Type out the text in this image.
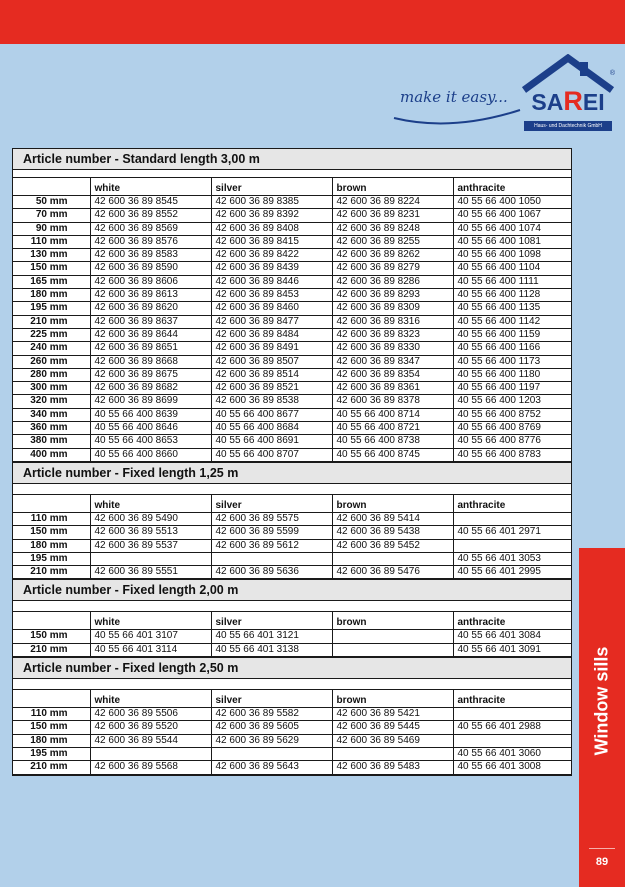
make it easy...
®
SAREI
Haus- und Dachtechnik GmbH
Article number - Standard length 3,00 m
	white	silver	brown	anthracite
50 mm	42 600 36 89 8545	42 600 36 89 8385	42 600 36 89 8224	40 55 66 400 1050
70 mm	42 600 36 89 8552	42 600 36 89 8392	42 600 36 89 8231	40 55 66 400 1067
90 mm	42 600 36 89 8569	42 600 36 89 8408	42 600 36 89 8248	40 55 66 400 1074
110 mm	42 600 36 89 8576	42 600 36 89 8415	42 600 36 89 8255	40 55 66 400 1081
130 mm	42 600 36 89 8583	42 600 36 89 8422	42 600 36 89 8262	40 55 66 400 1098
150 mm	42 600 36 89 8590	42 600 36 89 8439	42 600 36 89 8279	40 55 66 400 1104
165 mm	42 600 36 89 8606	42 600 36 89 8446	42 600 36 89 8286	40 55 66 400 1111
180 mm	42 600 36 89 8613	42 600 36 89 8453	42 600 36 89 8293	40 55 66 400 1128
195 mm	42 600 36 89 8620	42 600 36 89 8460	42 600 36 89 8309	40 55 66 400 1135
210 mm	42 600 36 89 8637	42 600 36 89 8477	42 600 36 89 8316	40 55 66 400 1142
225 mm	42 600 36 89 8644	42 600 36 89 8484	42 600 36 89 8323	40 55 66 400 1159
240 mm	42 600 36 89 8651	42 600 36 89 8491	42 600 36 89 8330	40 55 66 400 1166
260 mm	42 600 36 89 8668	42 600 36 89 8507	42 600 36 89 8347	40 55 66 400 1173
280 mm	42 600 36 89 8675	42 600 36 89 8514	42 600 36 89 8354	40 55 66 400 1180
300 mm	42 600 36 89 8682	42 600 36 89 8521	42 600 36 89 8361	40 55 66 400 1197
320 mm	42 600 36 89 8699	42 600 36 89 8538	42 600 36 89 8378	40 55 66 400 1203
340 mm	40 55 66 400 8639	40 55 66 400 8677	40 55 66 400 8714	40 55 66 400 8752
360 mm	40 55 66 400 8646	40 55 66 400 8684	40 55 66 400 8721	40 55 66 400 8769
380 mm	40 55 66 400 8653	40 55 66 400 8691	40 55 66 400 8738	40 55 66 400 8776
400 mm	40 55 66 400 8660	40 55 66 400 8707	40 55 66 400 8745	40 55 66 400 8783
Article number - Fixed length 1,25 m
	white	silver	brown	anthracite
110 mm	42 600 36 89 5490	42 600 36 89 5575	42 600 36 89 5414	
150 mm	42 600 36 89 5513	42 600 36 89 5599	42 600 36 89 5438	40 55 66 401 2971
180 mm	42 600 36 89 5537	42 600 36 89 5612	42 600 36 89 5452	
195 mm				40 55 66 401 3053
210 mm	42 600 36 89 5551	42 600 36 89 5636	42 600 36 89 5476	40 55 66 401 2995
Article number - Fixed length 2,00 m
	white	silver	brown	anthracite
150 mm	40 55 66 401 3107	40 55 66 401 3121		40 55 66 401 3084
210 mm	40 55 66 401 3114	40 55 66 401 3138		40 55 66 401 3091
Article number - Fixed length 2,50 m
	white	silver	brown	anthracite
110 mm	42 600 36 89 5506	42 600 36 89 5582	42 600 36 89 5421	
150 mm	42 600 36 89 5520	42 600 36 89 5605	42 600 36 89 5445	40 55 66 401 2988
180 mm	42 600 36 89 5544	42 600 36 89 5629	42 600 36 89 5469	
195 mm				40 55 66 401 3060
210 mm	42 600 36 89 5568	42 600 36 89 5643	42 600 36 89 5483	40 55 66 401 3008
Window sills
89
